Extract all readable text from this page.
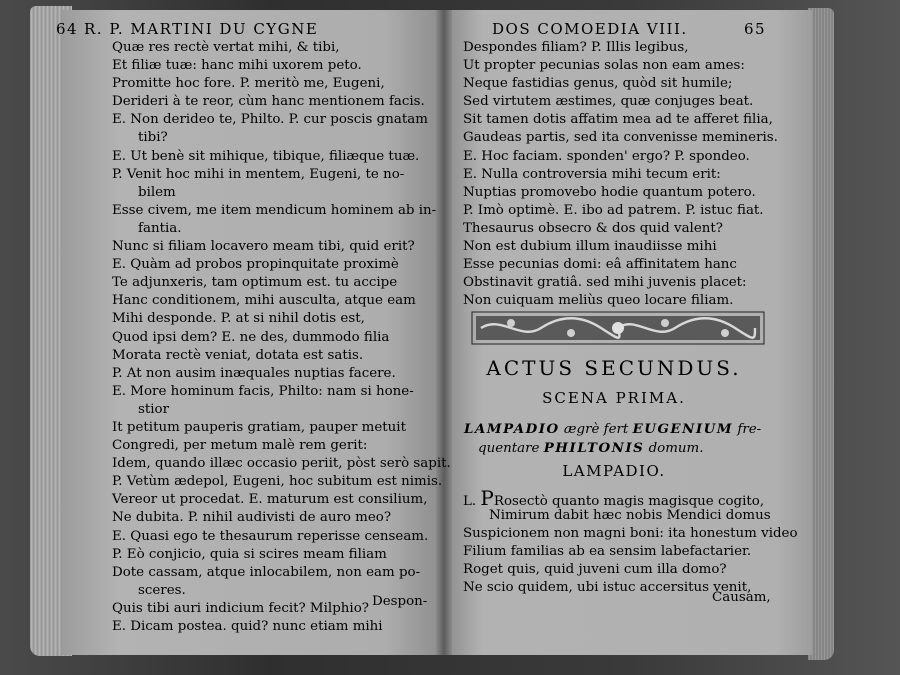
64 R. P. MARTINI DU CYGNE
Quæ res rectè vertat mihi, & tibi,
Et filiæ tuæ: hanc mihi uxorem peto.
Promitte hoc fore. P. meritò me, Eugeni,
Derideri à te reor, cùm hanc mentionem facis.
E. Non derideo te, Philto. P. cur poscis gnatam
tibi?
E. Ut benè sit mihique, tibique, filiæque tuæ.
P. Venit hoc mihi in mentem, Eugeni, te no-
bilem
Esse civem, me item mendicum hominem ab in-
fantia.
Nunc si filiam locavero meam tibi, quid erit?
E. Quàm ad probos propinquitate proximè
Te adjunxeris, tam optimum est. tu accipe
Hanc conditionem, mihi ausculta, atque eam
Mihi desponde. P. at si nihil dotis est,
Quod ipsi dem? E. ne des, dummodo filia
Morata rectè veniat, dotata est satis.
P. At non ausim inæquales nuptias facere.
E. More hominum facis, Philto: nam si hone-
stior
It petitum pauperis gratiam, pauper metuit
Congredi, per metum malè rem gerit:
Idem, quando illæc occasio periit, pòst serò sapit.
P. Vetùm ædepol, Eugeni, hoc subitum est nimis.
Vereor ut procedat. E. maturum est consilium,
Ne dubita. P. nihil audivisti de auro meo?
E. Quasi ego te thesaurum reperisse censeam.
P. Eò conjicio, quia si scires meam filiam
Dote cassam, atque inlocabilem, non eam po-
sceres.
Quis tibi auri indicium fecit? Milphio?
E. Dicam postea. quid? nunc etiam mihi
Despon-
DOS COMOEDIA VIII.	65
Despondes filiam? P. Illis legibus,
Ut propter pecunias solas non eam ames:
Neque fastidias genus, quòd sit humile;
Sed virtutem æstimes, quæ conjuges beat.
Sit tamen dotis affatim mea ad te afferet filia,
Gaudeas partis, sed ita convenisse memineris.
E. Hoc faciam. sponden' ergo? P. spondeo.
E. Nulla controversia mihi tecum erit:
Nuptias promovebo hodie quantum potero.
P. Imò optimè. E. ibo ad patrem. P. istuc fiat.
Thesaurus obsecro & dos quid valent?
Non est dubium illum inaudiisse mihi
Esse pecunias domi: eâ affinitatem hanc
Obstinavit gratiâ. sed mihi juvenis placet:
Non cuiquam meliùs queo locare filiam.
ACTUS SECUNDUS.
SCENA PRIMA.
LAMPADIO ægrè fert EUGENIUM fre-
quentare PHILTONIS domum.
LAMPADIO.
L. PRosectò quanto magis magisque cogito,
Nimirum dabit hæc nobis Mendici domus
Suspicionem non magni boni: ita honestum video
Filium familias ab ea sensim labefactarier.
Roget quis, quid juveni cum illa domo?
Ne scio quidem, ubi istuc accersitus venit,
Causam,
